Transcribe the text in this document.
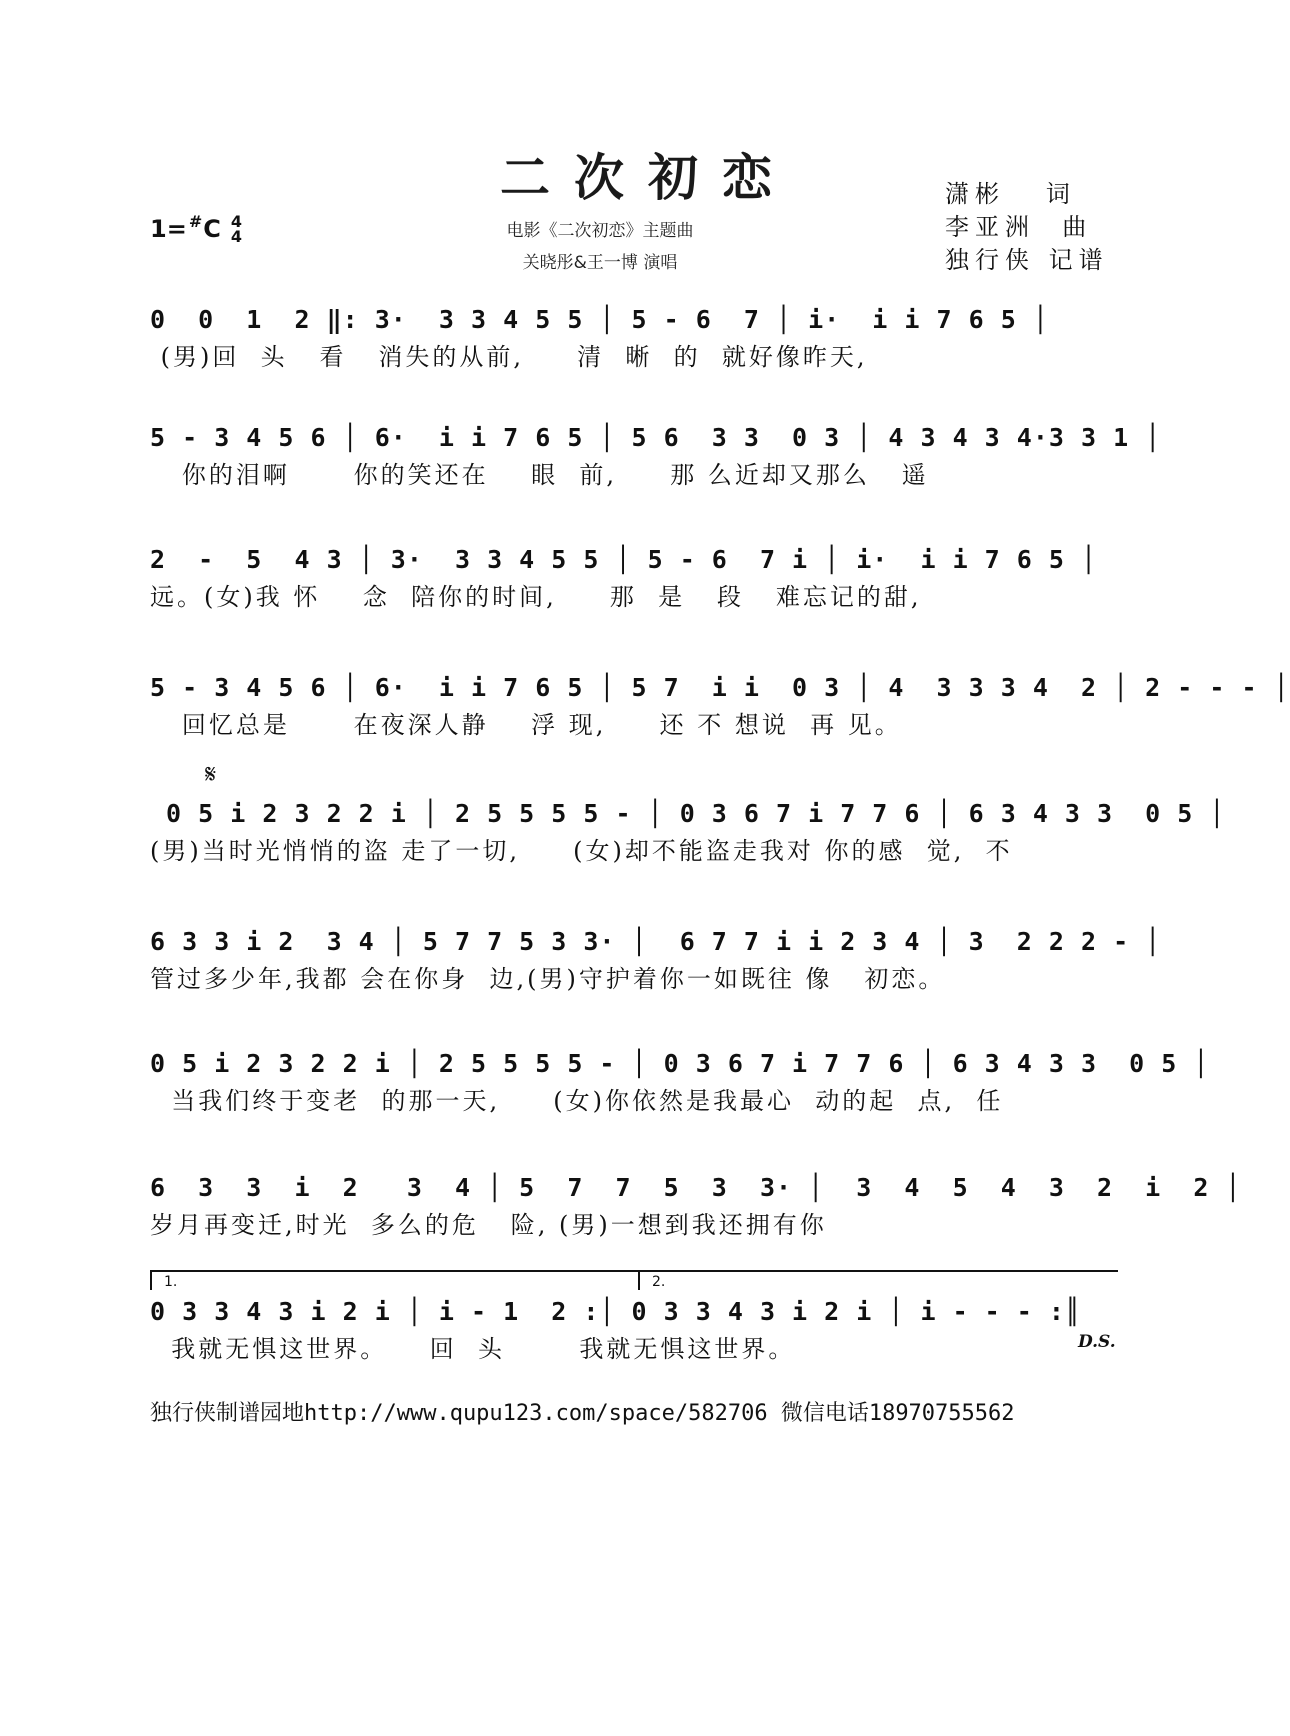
二次初恋
1= # C 4
4	电影《二次初恋》主题曲
关晓彤&王一博 演唱
潇彬   词
李亚洲  曲
独行侠 记谱
0  0  1  2 ‖: 3·  3 3 4 5 5 │ 5 - 6  7 │ i·  i i 7 6 5 │
(男)回  头   看   消失的从前,     清  晰  的  就好像昨天,
5 - 3 4 5 6 │ 6·  i i 7 6 5 │ 5 6  3 3  0 3 │ 4 3 4 3 4·3 3 1 │
你的泪啊      你的笑还在    眼  前,     那 么近却又那么   遥
2  -  5  4 3 │ 3·  3 3 4 5 5 │ 5 - 6  7 i │ i·  i i 7 6 5 │
远。(女)我 怀    念  陪你的时间,     那  是   段   难忘记的甜,
5 - 3 4 5 6 │ 6·  i i 7 6 5 │ 5 7  i i  0 3 │ 4  3 3 3 4  2 │ 2 - - - │
回忆总是      在夜深人静    浮 现,     还 不 想说  再 见。
𝄋
0 5 i 2 3 2 2 i │ 2 5 5 5 5 - │ 0 3 6 7 i 7 7 6 │ 6 3 4 3 3  0 5 │
(男)当时光悄悄的盗 走了一切,     (女)却不能盗走我对 你的感  觉,  不
6 3 3 i 2  3 4 │ 5 7 7 5 3 3· │  6 7 7 i i 2 3 4 │ 3  2 2 2 - │
管过多少年,我都 会在你身  边,(男)守护着你一如既往 像   初恋。
0 5 i 2 3 2 2 i │ 2 5 5 5 5 - │ 0 3 6 7 i 7 7 6 │ 6 3 4 3 3  0 5 │
当我们终于变老  的那一天,     (女)你依然是我最心  动的起  点,  任
6  3  3  i  2   3  4 │ 5  7  7  5  3  3· │  3  4  5  4  3  2  i  2 │
岁月再变迁,时光  多么的危   险, (男)一想到我还拥有你
1.	2.
0 3 3 4 3 i 2 i │ i - 1  2 :│ 0 3 3 4 3 i 2 i │ i - - - :║
我就无惧这世界。    回  头       我就无惧这世界。	D.S.
独行侠制谱园地http://www.qupu123.com/space/582706 微信电话18970755562
